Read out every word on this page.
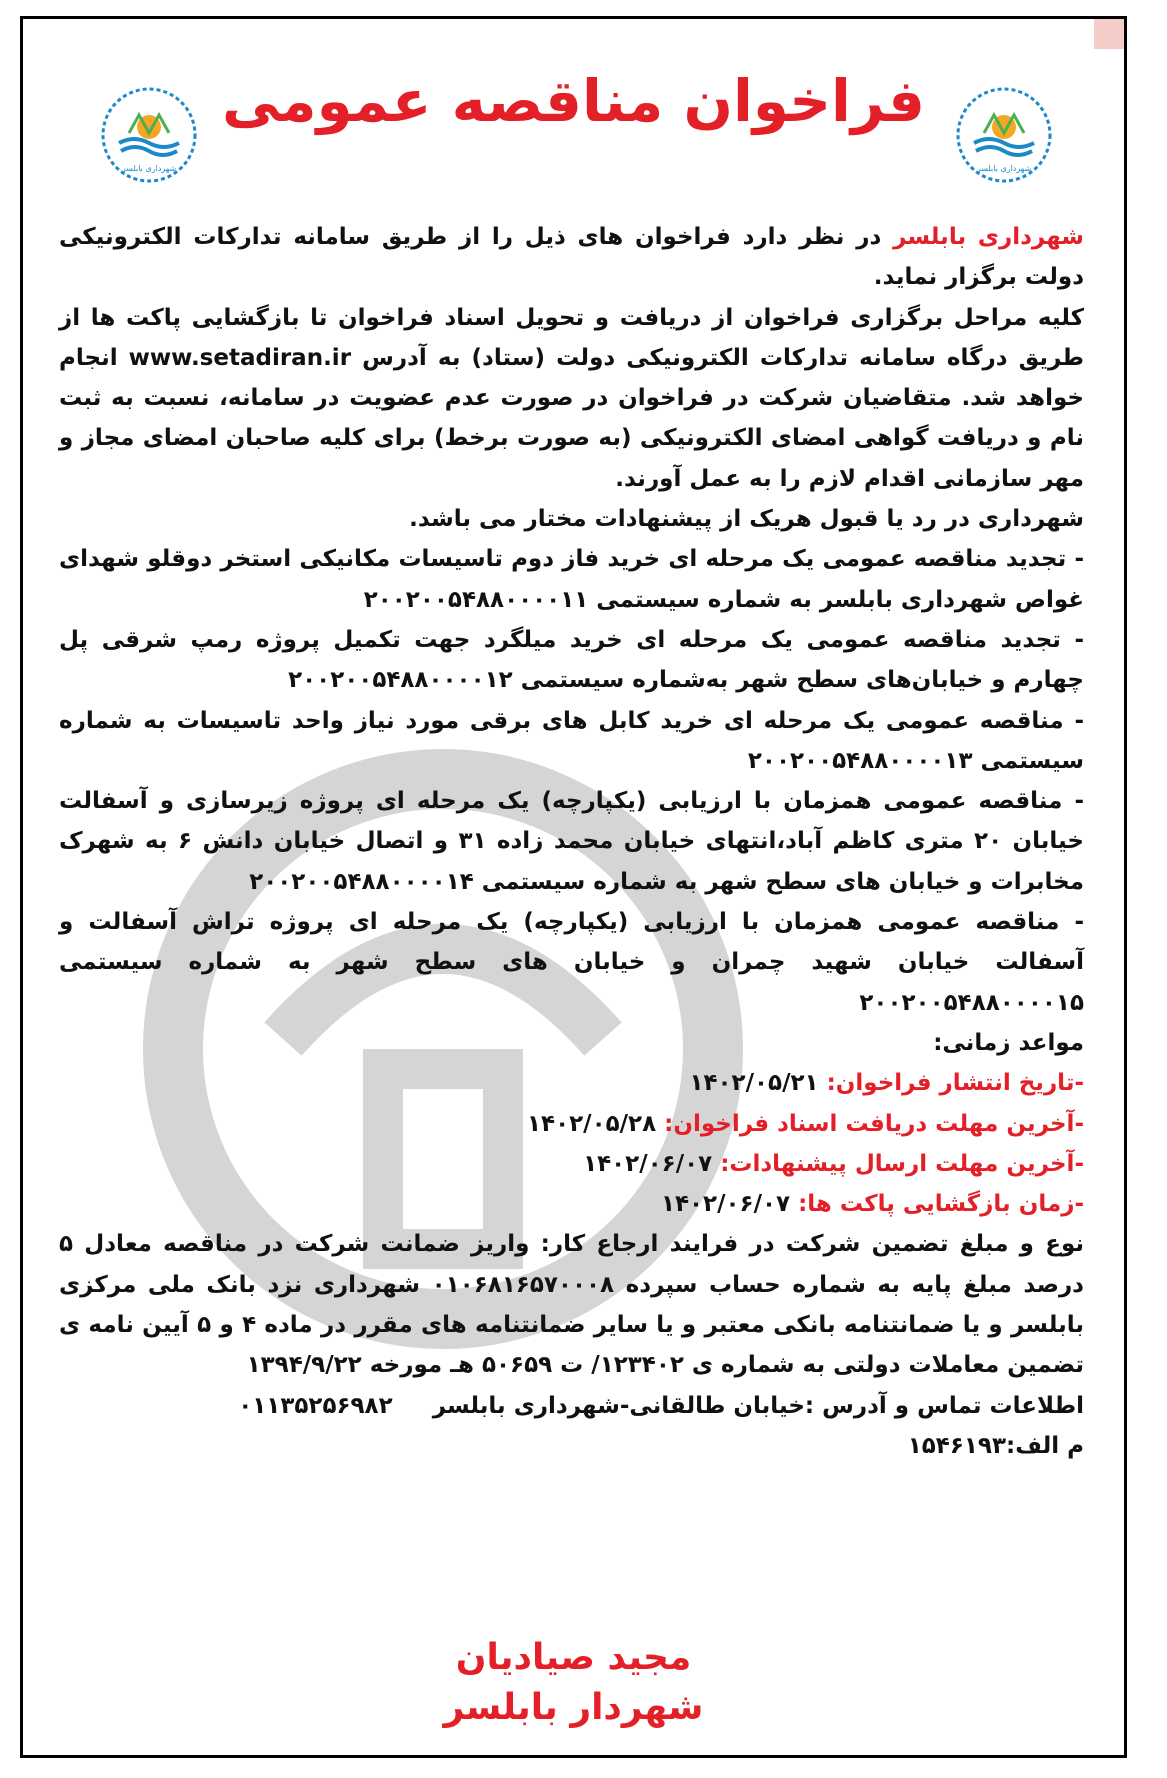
شهرداری بابلسر	شهرداری بابلسر
فراخوان مناقصه عمومی

شهرداری بابلسر در نظر دارد فراخوان های ذیل را از طریق سامانه تدارکات الکترونیکی دولت برگزار نماید.

کلیه مراحل برگزاری فراخوان از دریافت و تحویل اسناد فراخوان تا بازگشایی پاکت ها از طریق درگاه سامانه تدارکات الکترونیکی دولت (ستاد) به آدرس www.setadiran.ir انجام خواهد شد. متقاضیان شرکت در فراخوان در صورت عدم عضویت در سامانه، نسبت به ثبت نام و دریافت گواهی امضای الکترونیکی (به صورت برخط) برای کلیه صاحبان امضای مجاز و مهر سازمانی اقدام لازم را به عمل آورند.

شهرداری در رد یا قبول هریک از پیشنهادات مختار می باشد.

- تجدید مناقصه عمومی یک مرحله ای خرید فاز دوم تاسیسات مکانیکی استخر دوقلو شهدای غواص شهرداری بابلسر به شماره سیستمی ۲۰۰۲۰۰۵۴۸۸۰۰۰۰۱۱

- تجدید مناقصه عمومی یک مرحله ای خرید میلگرد جهت تکمیل پروژه رمپ شرقی پل چهارم و خیابان‌های سطح شهر به‌شماره سیستمی ۲۰۰۲۰۰۵۴۸۸۰۰۰۰۱۲

- مناقصه عمومی یک مرحله ای خرید کابل های برقی مورد نیاز واحد تاسیسات به شماره سیستمی ۲۰۰۲۰۰۵۴۸۸۰۰۰۰۱۳

- مناقصه عمومی همزمان با ارزیابی (یکپارچه) یک مرحله ای پروژه زیرسازی و آسفالت خیابان ۲۰ متری کاظم آباد،انتهای خیابان محمد زاده ۳۱ و اتصال خیابان دانش ۶ به شهرک مخابرات و خیابان های سطح شهر به شماره سیستمی ۲۰۰۲۰۰۵۴۸۸۰۰۰۰۱۴

- مناقصه عمومی همزمان با ارزیابی (یکپارچه) یک مرحله ای پروژه تراش آسفالت و آسفالت خیابان شهید چمران و خیابان های سطح شهر به شماره سیستمی ۲۰۰۲۰۰۵۴۸۸۰۰۰۰۱۵

مواعد زمانی:

-تاریخ انتشار فراخوان: ۱۴۰۲/۰۵/۲۱

-آخرین مهلت دریافت اسناد فراخوان: ۱۴۰۲/۰۵/۲۸

-آخرین مهلت ارسال پیشنهادات: ۱۴۰۲/۰۶/۰۷

-زمان بازگشایی پاکت ها: ۱۴۰۲/۰۶/۰۷

نوع و مبلغ تضمین شرکت در فرایند ارجاع کار: واریز ضمانت شرکت در مناقصه معادل ۵ درصد مبلغ پایه به شماره حساب سپرده ۰۱۰۶۸۱۶۵۷۰۰۰۸ شهرداری نزد بانک ملی مرکزی بابلسر و یا ضمانتنامه بانکی معتبر و یا سایر ضمانتنامه های مقرر در ماده ۴ و ۵ آیین نامه ی تضمین معاملات دولتی به شماره ی ۱۲۳۴۰۲/ ت ۵۰۶۵۹ هـ مورخه ۱۳۹۴/۹/۲۲

اطلاعات تماس و آدرس :خیابان طالقانی-شهرداری بابلسر     ۰۱۱۳۵۲۵۶۹۸۲

م الف:۱۵۴۶۱۹۳

مجید صیادیان
شهردار بابلسر
